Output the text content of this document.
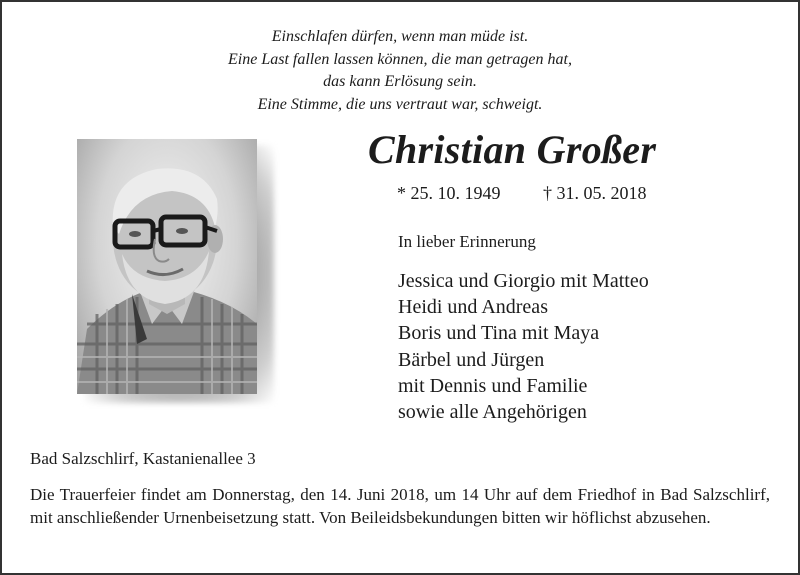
Einschlafen dürfen, wenn man müde ist.
Eine Last fallen lassen können, die man getragen hat,
das kann Erlösung sein.
Eine Stimme, die uns vertraut war, schweigt.
Christian Großer
* 25. 10. 1949 † 31. 05. 2018
In lieber Erinnerung
Jessica und Giorgio mit Matteo
Heidi und Andreas
Boris und Tina mit Maya
Bärbel und Jürgen
mit Dennis und Familie
sowie alle Angehörigen
Bad Salzschlirf, Kastanienallee 3
Die Trauerfeier findet am Donnerstag, den 14. Juni 2018, um 14 Uhr auf dem Friedhof in Bad Salzschlirf, mit anschließender Urnenbeisetzung statt. Von Beileidsbekundungen bitten wir höflichst abzusehen.
